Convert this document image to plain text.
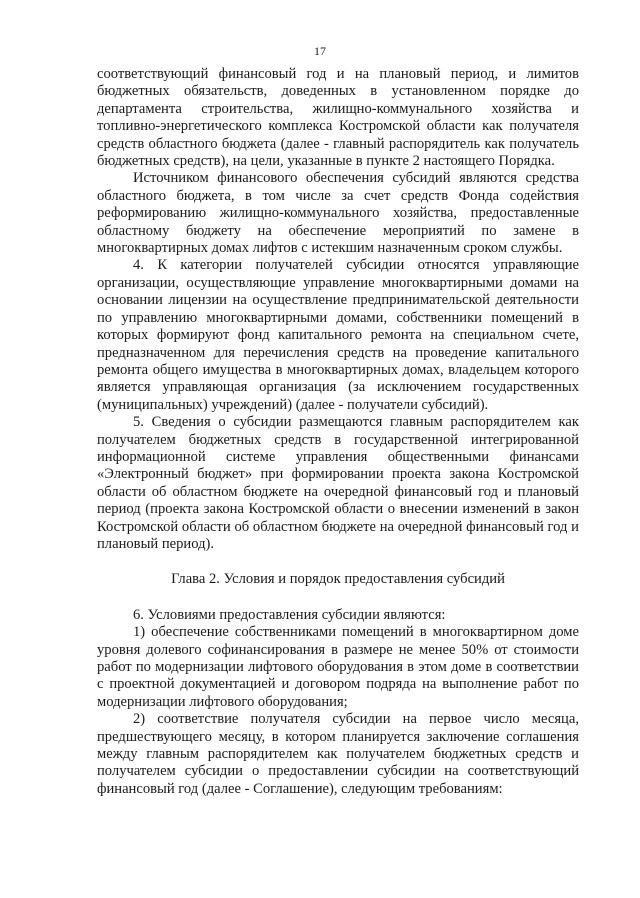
17

соответствующий финансовый год и на плановый период, и лимитов бюджетных обязательств, доведенных в установленном порядке до департамента строительства, жилищно-коммунального хозяйства и топливно-энергетического комплекса Костромской области как получателя средств областного бюджета (далее - главный распорядитель как получатель бюджетных средств), на цели, указанные в пункте 2 настоящего Порядка.

Источником финансового обеспечения субсидий являются средства областного бюджета, в том числе за счет средств Фонда содействия реформированию жилищно-коммунального хозяйства, предоставленные областному бюджету на обеспечение мероприятий по замене в многоквартирных домах лифтов с истекшим назначенным сроком службы.

4. К категории получателей субсидии относятся управляющие организации, осуществляющие управление многоквартирными домами на основании лицензии на осуществление предпринимательской деятельности по управлению многоквартирными домами, собственники помещений в которых формируют фонд капитального ремонта на специальном счете, предназначенном для перечисления средств на проведение капитального ремонта общего имущества в многоквартирных домах, владельцем которого является управляющая организация (за исключением государственных (муниципальных) учреждений) (далее - получатели субсидий).

5. Сведения о субсидии размещаются главным распорядителем как получателем бюджетных средств в государственной интегрированной информационной системе управления общественными финансами «Электронный бюджет» при формировании проекта закона Костромской области об областном бюджете на очередной финансовый год и плановый период (проекта закона Костромской области о внесении изменений в закон Костромской области об областном бюджете на очередной финансовый год и плановый период).

Глава 2. Условия и порядок предоставления субсидий

6. Условиями предоставления субсидии являются:

1) обеспечение собственниками помещений в многоквартирном доме уровня долевого софинансирования в размере не менее 50% от стоимости работ по модернизации лифтового оборудования в этом доме в соответствии с проектной документацией и договором подряда на выполнение работ по модернизации лифтового оборудования;

2) соответствие получателя субсидии на первое число месяца, предшествующего месяцу, в котором планируется заключение соглашения между главным распорядителем как получателем бюджетных средств и получателем субсидии о предоставлении субсидии на соответствующий финансовый год (далее - Соглашение), следующим требованиям:
